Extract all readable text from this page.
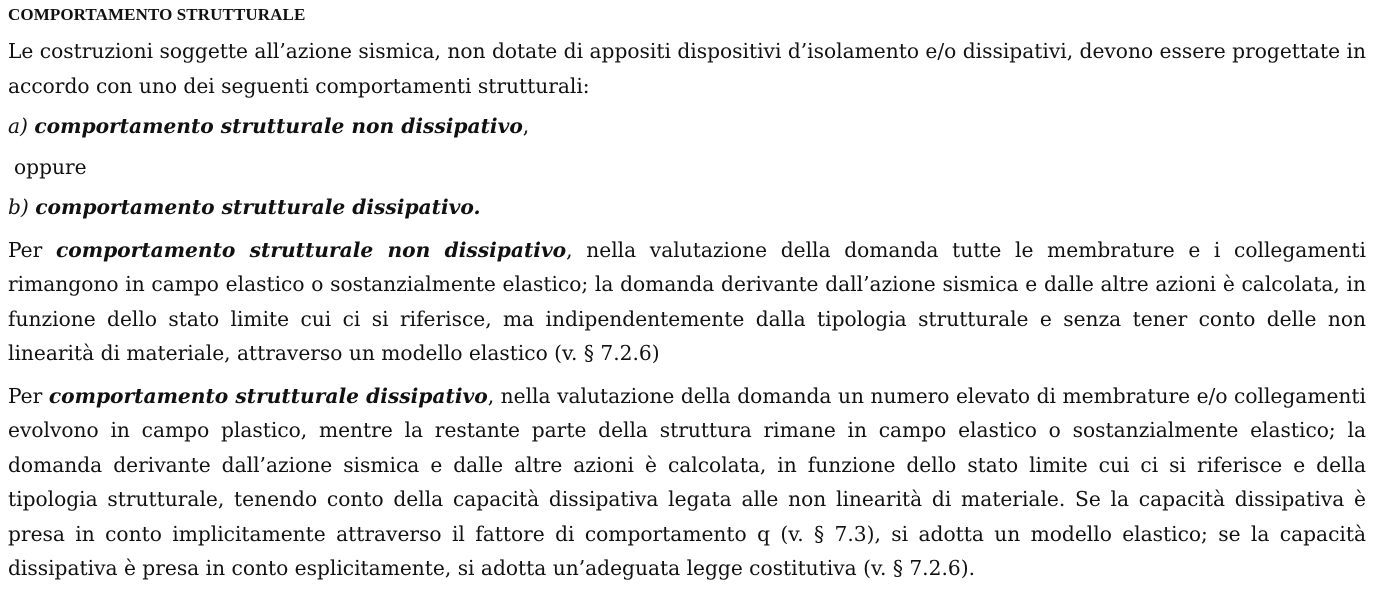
COMPORTAMENTO STRUTTURALE

Le costruzioni soggette all’azione sismica, non dotate di appositi dispositivi d’isolamento e/o dissipativi, devono essere progettate in accordo con uno dei seguenti comportamenti strutturali:

a) comportamento strutturale non dissipativo,

oppure

b) comportamento strutturale dissipativo.

Per comportamento strutturale non dissipativo, nella valutazione della domanda tutte le membrature e i collegamenti rimangono in campo elastico o sostanzialmente elastico; la domanda derivante dall’azione sismica e dalle altre azioni è calcolata, in funzione dello stato limite cui ci si riferisce, ma indipendentemente dalla tipologia strutturale e senza tener conto delle non linearità di materiale, attraverso un modello elastico (v. § 7.2.6)

Per comportamento strutturale dissipativo, nella valutazione della domanda un numero elevato di membrature e/o collegamenti evolvono in campo plastico, mentre la restante parte della struttura rimane in campo elastico o sostanzialmente elastico; la domanda derivante dall’azione sismica e dalle altre azioni è calcolata, in funzione dello stato limite cui ci si riferisce e della tipologia strutturale, tenendo conto della capacità dissipativa legata alle non linearità di materiale. Se la capacità dissipativa è presa in conto implicitamente attraverso il fattore di comportamento q (v. § 7.3), si adotta un modello elastico; se la capacità dissipativa è presa in conto esplicitamente, si adotta un’adeguata legge costitutiva (v. § 7.2.6).
